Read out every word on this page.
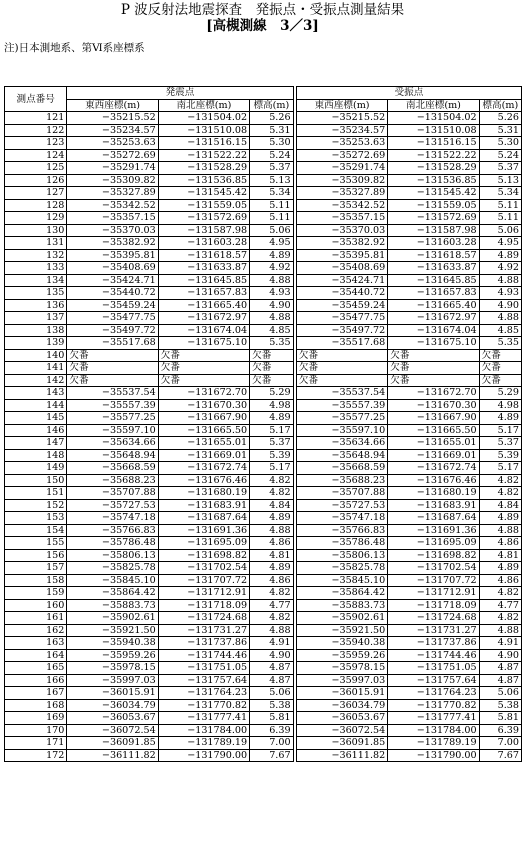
P 波反射法地震探査　発振点・受振点測量結果
[高槻測線　3／3]
注)日本測地系、第Ⅵ系座標系
測点番号	発震点				受振点		
	東西座標(m)	南北座標(m)	標高(m)		東西座標(m)	南北座標(m)	標高(m)
121	−35215.52	−131504.02	5.26		−35215.52	−131504.02	5.26
122	−35234.57	−131510.08	5.31		−35234.57	−131510.08	5.31
123	−35253.63	−131516.15	5.30		−35253.63	−131516.15	5.30
124	−35272.69	−131522.22	5.24		−35272.69	−131522.22	5.24
125	−35291.74	−131528.29	5.37		−35291.74	−131528.29	5.37
126	−35309.82	−131536.85	5.13		−35309.82	−131536.85	5.13
127	−35327.89	−131545.42	5.34		−35327.89	−131545.42	5.34
128	−35342.52	−131559.05	5.11		−35342.52	−131559.05	5.11
129	−35357.15	−131572.69	5.11		−35357.15	−131572.69	5.11
130	−35370.03	−131587.98	5.06		−35370.03	−131587.98	5.06
131	−35382.92	−131603.28	4.95		−35382.92	−131603.28	4.95
132	−35395.81	−131618.57	4.89		−35395.81	−131618.57	4.89
133	−35408.69	−131633.87	4.92		−35408.69	−131633.87	4.92
134	−35424.71	−131645.85	4.88		−35424.71	−131645.85	4.88
135	−35440.72	−131657.83	4.93		−35440.72	−131657.83	4.93
136	−35459.24	−131665.40	4.90		−35459.24	−131665.40	4.90
137	−35477.75	−131672.97	4.88		−35477.75	−131672.97	4.88
138	−35497.72	−131674.04	4.85		−35497.72	−131674.04	4.85
139	−35517.68	−131675.10	5.35		−35517.68	−131675.10	5.35
140	欠番	欠番	欠番		欠番	欠番	欠番
141	欠番	欠番	欠番		欠番	欠番	欠番
142	欠番	欠番	欠番		欠番	欠番	欠番
143	−35537.54	−131672.70	5.29		−35537.54	−131672.70	5.29
144	−35557.39	−131670.30	4.98		−35557.39	−131670.30	4.98
145	−35577.25	−131667.90	4.89		−35577.25	−131667.90	4.89
146	−35597.10	−131665.50	5.17		−35597.10	−131665.50	5.17
147	−35634.66	−131655.01	5.37		−35634.66	−131655.01	5.37
148	−35648.94	−131669.01	5.39		−35648.94	−131669.01	5.39
149	−35668.59	−131672.74	5.17		−35668.59	−131672.74	5.17
150	−35688.23	−131676.46	4.82		−35688.23	−131676.46	4.82
151	−35707.88	−131680.19	4.82		−35707.88	−131680.19	4.82
152	−35727.53	−131683.91	4.84		−35727.53	−131683.91	4.84
153	−35747.18	−131687.64	4.89		−35747.18	−131687.64	4.89
154	−35766.83	−131691.36	4.88		−35766.83	−131691.36	4.88
155	−35786.48	−131695.09	4.86		−35786.48	−131695.09	4.86
156	−35806.13	−131698.82	4.81		−35806.13	−131698.82	4.81
157	−35825.78	−131702.54	4.89		−35825.78	−131702.54	4.89
158	−35845.10	−131707.72	4.86		−35845.10	−131707.72	4.86
159	−35864.42	−131712.91	4.82		−35864.42	−131712.91	4.82
160	−35883.73	−131718.09	4.77		−35883.73	−131718.09	4.77
161	−35902.61	−131724.68	4.82		−35902.61	−131724.68	4.82
162	−35921.50	−131731.27	4.88		−35921.50	−131731.27	4.88
163	−35940.38	−131737.86	4.91		−35940.38	−131737.86	4.91
164	−35959.26	−131744.46	4.90		−35959.26	−131744.46	4.90
165	−35978.15	−131751.05	4.87		−35978.15	−131751.05	4.87
166	−35997.03	−131757.64	4.87		−35997.03	−131757.64	4.87
167	−36015.91	−131764.23	5.06		−36015.91	−131764.23	5.06
168	−36034.79	−131770.82	5.38		−36034.79	−131770.82	5.38
169	−36053.67	−131777.41	5.81		−36053.67	−131777.41	5.81
170	−36072.54	−131784.00	6.39		−36072.54	−131784.00	6.39
171	−36091.85	−131789.19	7.00		−36091.85	−131789.19	7.00
172	−36111.82	−131790.00	7.67		−36111.82	−131790.00	7.67
